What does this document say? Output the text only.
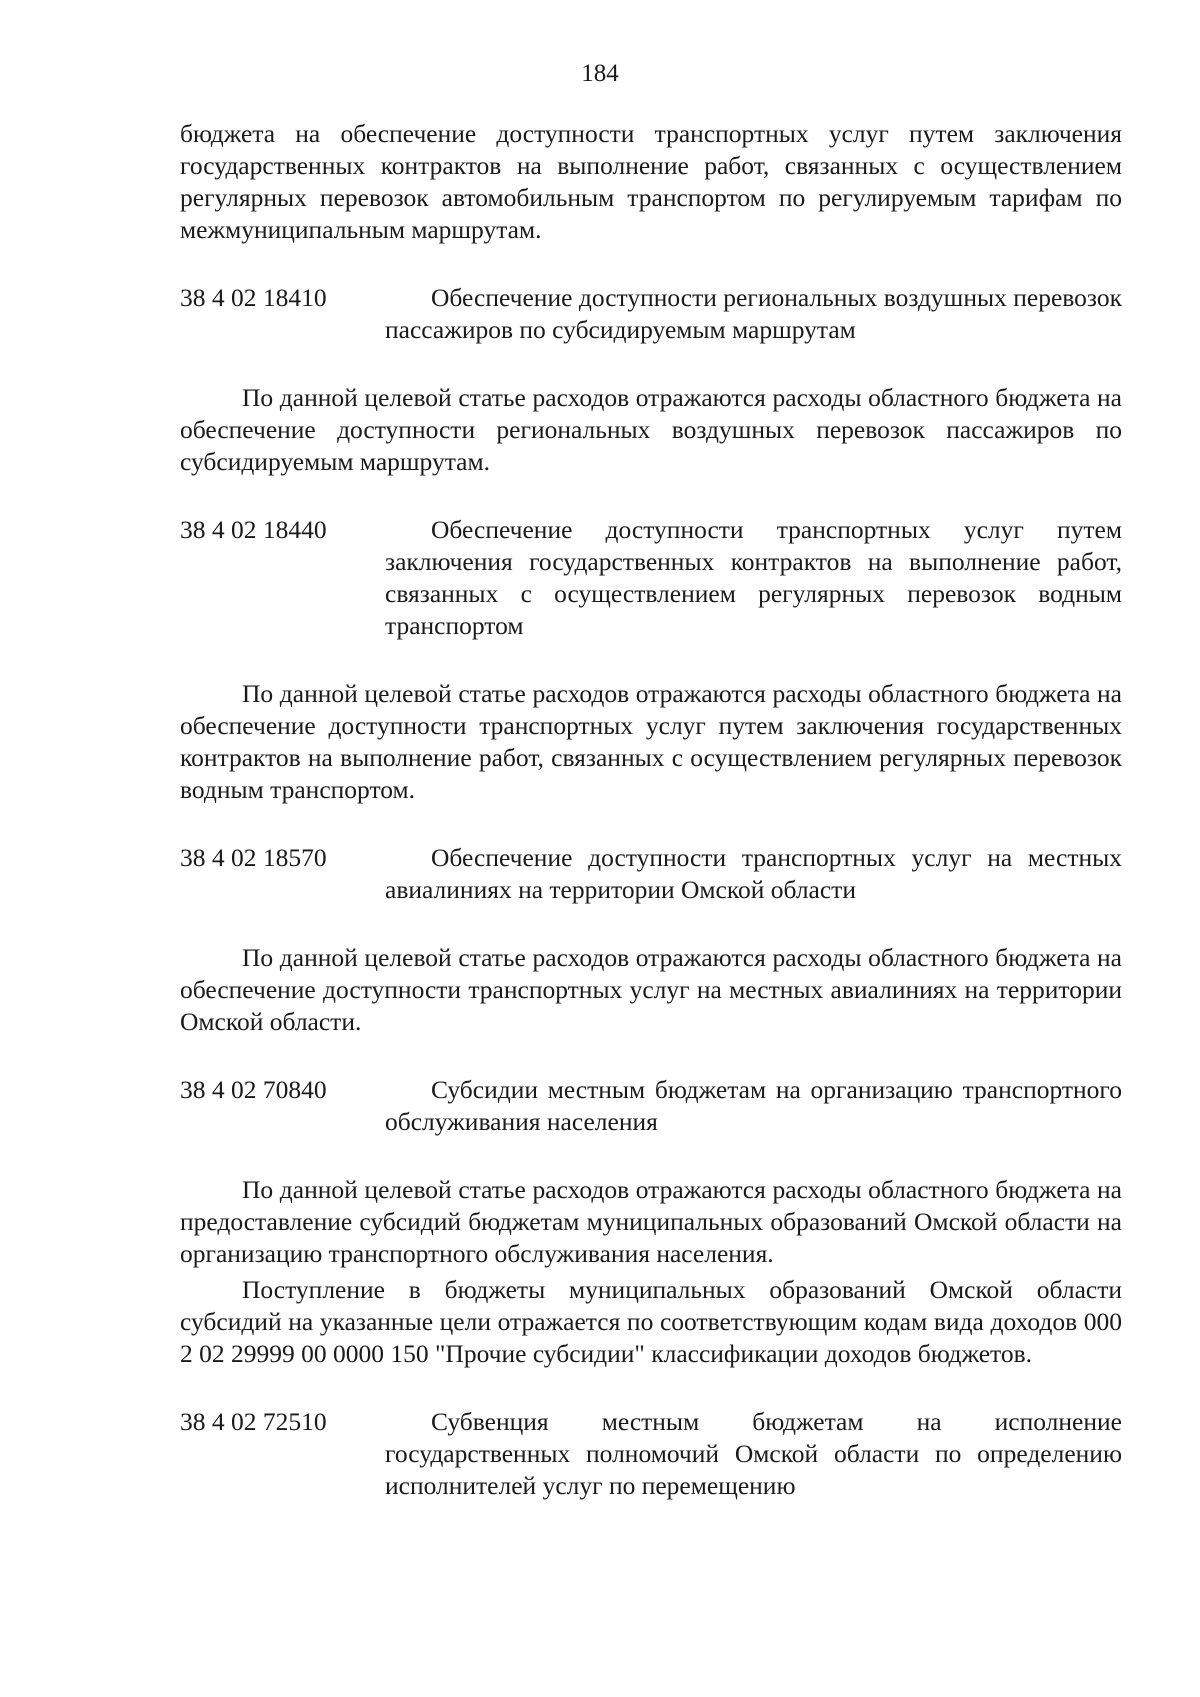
184

бюджета на обеспечение доступности транспортных услуг путем заключения государственных контрактов на выполнение работ, связанных с осуществлением регулярных перевозок автомобильным транспортом по регулируемым тарифам по межмуниципальным маршрутам.

38 4 02 18410	Обеспечение доступности региональных воздушных перевозок пассажиров по субсидируемым маршрутам

По данной целевой статье расходов отражаются расходы областного бюджета на обеспечение доступности региональных воздушных перевозок пассажиров по субсидируемым маршрутам.

38 4 02 18440	Обеспечение доступности транспортных услуг путем заключения государственных контрактов на выполнение работ, связанных с осуществлением регулярных перевозок водным транспортом

По данной целевой статье расходов отражаются расходы областного бюджета на обеспечение доступности транспортных услуг путем заключения государственных контрактов на выполнение работ, связанных с осуществлением регулярных перевозок водным транспортом.

38 4 02 18570	Обеспечение доступности транспортных услуг на местных авиалиниях на территории Омской области

По данной целевой статье расходов отражаются расходы областного бюджета на обеспечение доступности транспортных услуг на местных авиалиниях на территории Омской области.

38 4 02 70840	Субсидии местным бюджетам на организацию транспортного обслуживания населения

По данной целевой статье расходов отражаются расходы областного бюджета на предоставление субсидий бюджетам муниципальных образований Омской области на организацию транспортного обслуживания населения.

Поступление в бюджеты муниципальных образований Омской области субсидий на указанные цели отражается по соответствующим кодам вида доходов 000 2 02 29999 00 0000 150 "Прочие субсидии" классификации доходов бюджетов.

38 4 02 72510	Субвенция местным бюджетам на исполнение государственных полномочий Омской области по определению исполнителей услуг по перемещению
